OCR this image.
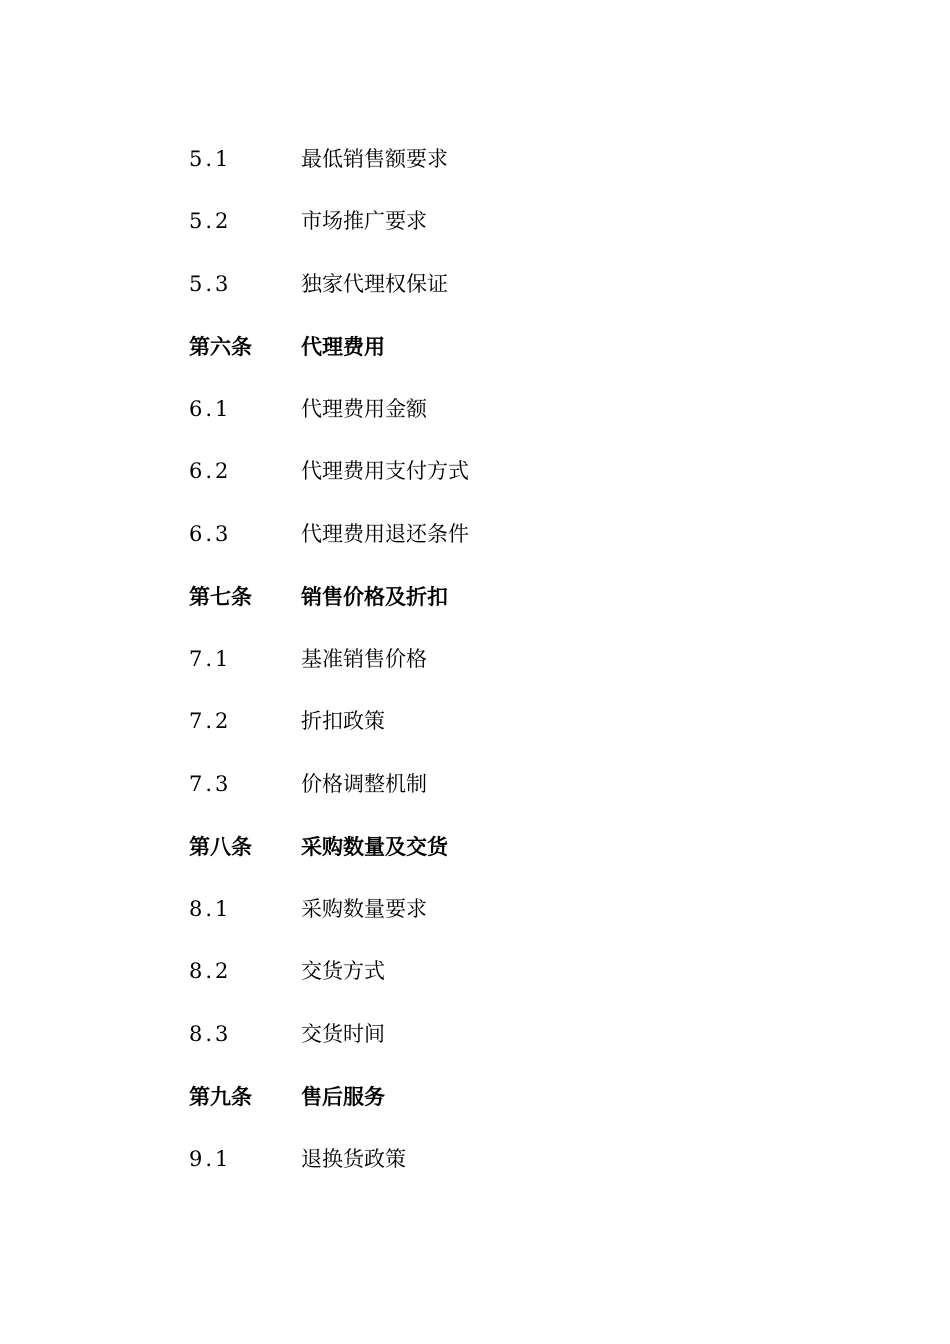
5.1	最低销售额要求
5.2	市场推广要求
5.3	独家代理权保证
第六条	代理费用
6.1	代理费用金额
6.2	代理费用支付方式
6.3	代理费用退还条件
第七条	销售价格及折扣
7.1	基准销售价格
7.2	折扣政策
7.3	价格调整机制
第八条	采购数量及交货
8.1	采购数量要求
8.2	交货方式
8.3	交货时间
第九条	售后服务
9.1	退换货政策
